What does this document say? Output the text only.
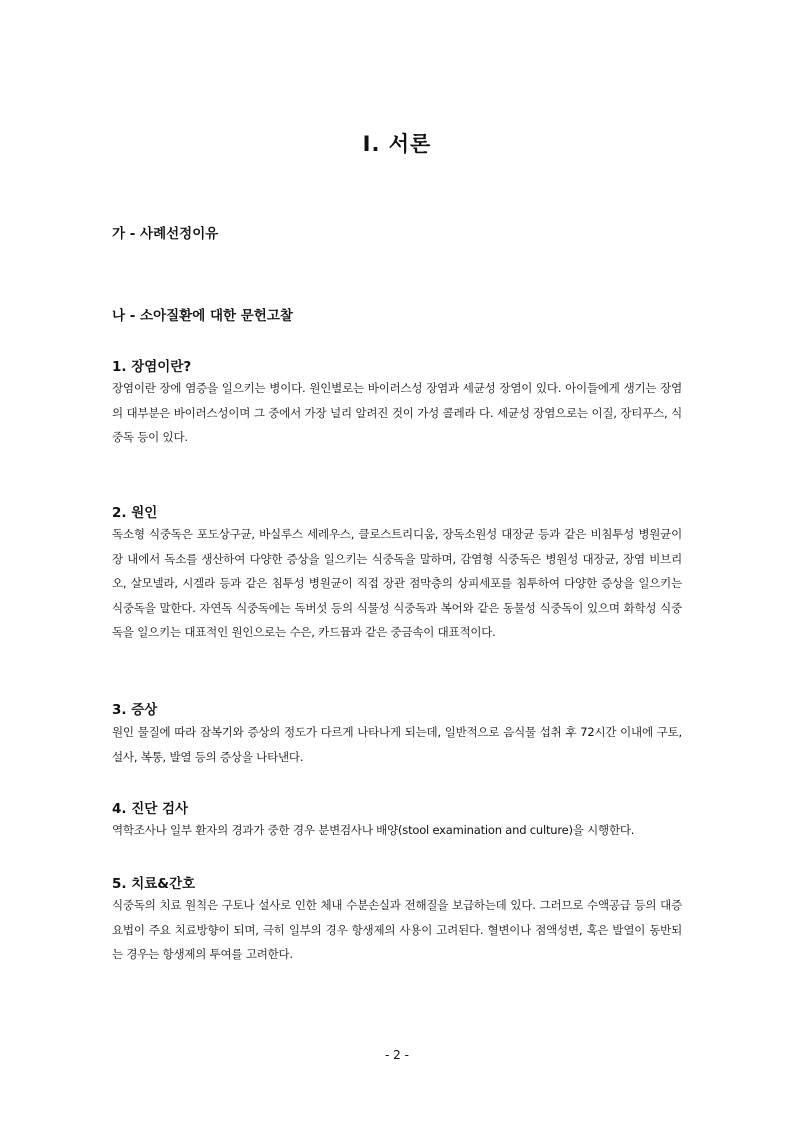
Ⅰ. 서론
가 - 사례선정이유
나 - 소아질환에 대한 문헌고찰
1. 장염이란?

장염이란 장에 염증을 일으키는 병이다. 원인별로는 바이러스성 장염과 세균성 장염이 있다. 아이들에게 생기는 장염의 대부분은 바이러스성이며 그 중에서 가장 널리 알려진 것이 가성 콜레라 다. 세균성 장염으로는 이질, 장티푸스, 식중독 등이 있다.

2. 원인

독소형 식중독은 포도상구균, 바실루스 세레우스, 클로스트리디움, 장독소원성 대장균 등과 같은 비침투성 병원균이 장 내에서 독소를 생산하여 다양한 증상을 일으키는 식중독을 말하며, 감염형 식중독은 병원성 대장균, 장염 비브리오, 살모넬라, 시겔라 등과 같은 침투성 병원균이 직접 장관 점막층의 상피세포를 침투하여 다양한 증상을 일으키는 식중독을 말한다. 자연독 식중독에는 독버섯 등의 식물성 식중독과 복어와 같은 동물성 식중독이 있으며 화학성 식중독을 일으키는 대표적인 원인으로는 수은, 카드뮴과 같은 중금속이 대표적이다.

3. 증상

원인 물질에 따라 잠복기와 증상의 정도가 다르게 나타나게 되는데, 일반적으로 음식물 섭취 후 72시간 이내에 구토, 설사, 복통, 발열 등의 증상을 나타낸다.

4. 진단 검사

역학조사나 일부 환자의 경과가 중한 경우 분변검사나 배양(stool examination and culture)을 시행한다.

5. 치료&간호

식중독의 치료 원칙은 구토나 설사로 인한 체내 수분손실과 전해질을 보급하는데 있다. 그러므로 수액공급 등의 대증요법이 주요 치료방향이 되며, 극히 일부의 경우 항생제의 사용이 고려된다. 혈변이나 점액성변, 혹은 발열이 동반되는 경우는 항생제의 투여를 고려한다.

- 2 -
